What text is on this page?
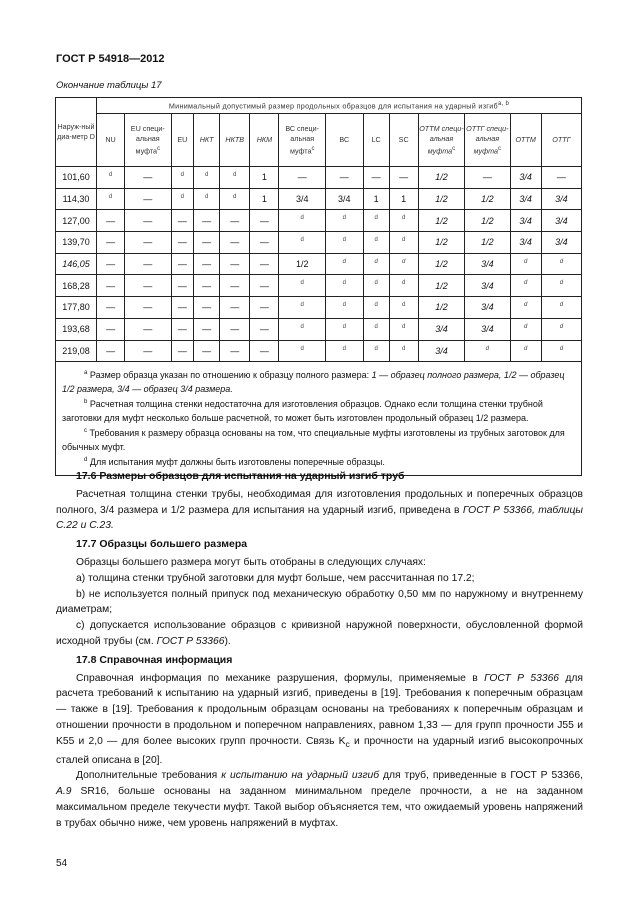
ГОСТ Р 54918—2012
Окончание таблицы 17
Наруж-ный диа-метр D	Минимальный допустимый размер продольных образцов для испытания на ударный изгиб$^{a, b}$
	NU	EU специ-альная муфта$^c$	EU	НКТ	НКТВ	НКМ	ВС специ-альная муфта$^c$	ВС	LC	SC	ОТТМ специ-альная муфта$^c$	ОТТГ специ-альная муфта$^c$	ОТТМ	ОТТГ
101,60	d	—	d	d	d	1	—	—	—	—	1/2	—	3/4	—
114,30	d	—	d	d	d	1	3/4	3/4	1	1	1/2	1/2	3/4	3/4
127,00	—	—	—	—	—	—	d	d	d	d	1/2	1/2	3/4	3/4
139,70	—	—	—	—	—	—	d	d	d	d	1/2	1/2	3/4	3/4
146,05	—	—	—	—	—	—	1/2	d	d	d	1/2	3/4	d	d
168,28	—	—	—	—	—	—	d	d	d	d	1/2	3/4	d	d
177,80	—	—	—	—	—	—	d	d	d	d	1/2	3/4	d	d
193,68	—	—	—	—	—	—	d	d	d	d	3/4	3/4	d	d
219,08	—	—	—	—	—	—	d	d	d	d	3/4	d	d	d

$^a$ Размер образца указан по отношению к образцу полного размера: 1 — образец полного размера, 1/2 — образец 1/2 размера, 3/4 — образец 3/4 размера.

$^b$ Расчетная толщина стенки недостаточна для изготовления образцов. Однако если толщина стенки трубной заготовки для муфт несколько больше расчетной, то может быть изготовлен продольный образец 1/2 размера.

$^c$ Требования к размеру образца основаны на том, что специальные муфты изготовлены из трубных заготовок для обычных муфт.

$^d$ Для испытания муфт должны быть изготовлены поперечные образцы.														

17.6 Размеры образцов для испытания на ударный изгиб труб

Расчетная толщина стенки трубы, необходимая для изготовления продольных и поперечных образцов полного, 3/4 размера и 1/2 размера для испытания на ударный изгиб, приведена в ГОСТ Р 53366, таблицы С.22 и С.23.

17.7 Образцы большего размера

Образцы большего размера могут быть отобраны в следующих случаях:

а) толщина стенки трубной заготовки для муфт больше, чем рассчитанная по 17.2;

b) не используется полный припуск под механическую обработку 0,50 мм по наружному и внутреннему диаметрам;

с) допускается использование образцов с кривизной наружной поверхности, обусловленной формой исходной трубы (см. ГОСТ Р 53366).

17.8 Справочная информация

Справочная информация по механике разрушения, формулы, применяемые в ГОСТ Р 53366 для расчета требований к испытанию на ударный изгиб, приведены в [19]. Требования к поперечным образцам — также в [19]. Требования к продольным образцам основаны на требованиях к поперечным образцам и отношении прочности в продольном и поперечном направлениях, равном 1,33 — для групп прочности J55 и K55 и 2,0 — для более высоких групп прочности. Связь $K_c$ и прочности на ударный изгиб высокопрочных сталей описана в [20].

Дополнительные требования к испытанию на ударный изгиб для труб, приведенные в ГОСТ Р 53366, А.9 SR16, больше основаны на заданном минимальном пределе прочности, а не на заданном максимальном пределе текучести муфт. Такой выбор объясняется тем, что ожидаемый уровень напряжений в трубах обычно ниже, чем уровень напряжений в муфтах.

54
